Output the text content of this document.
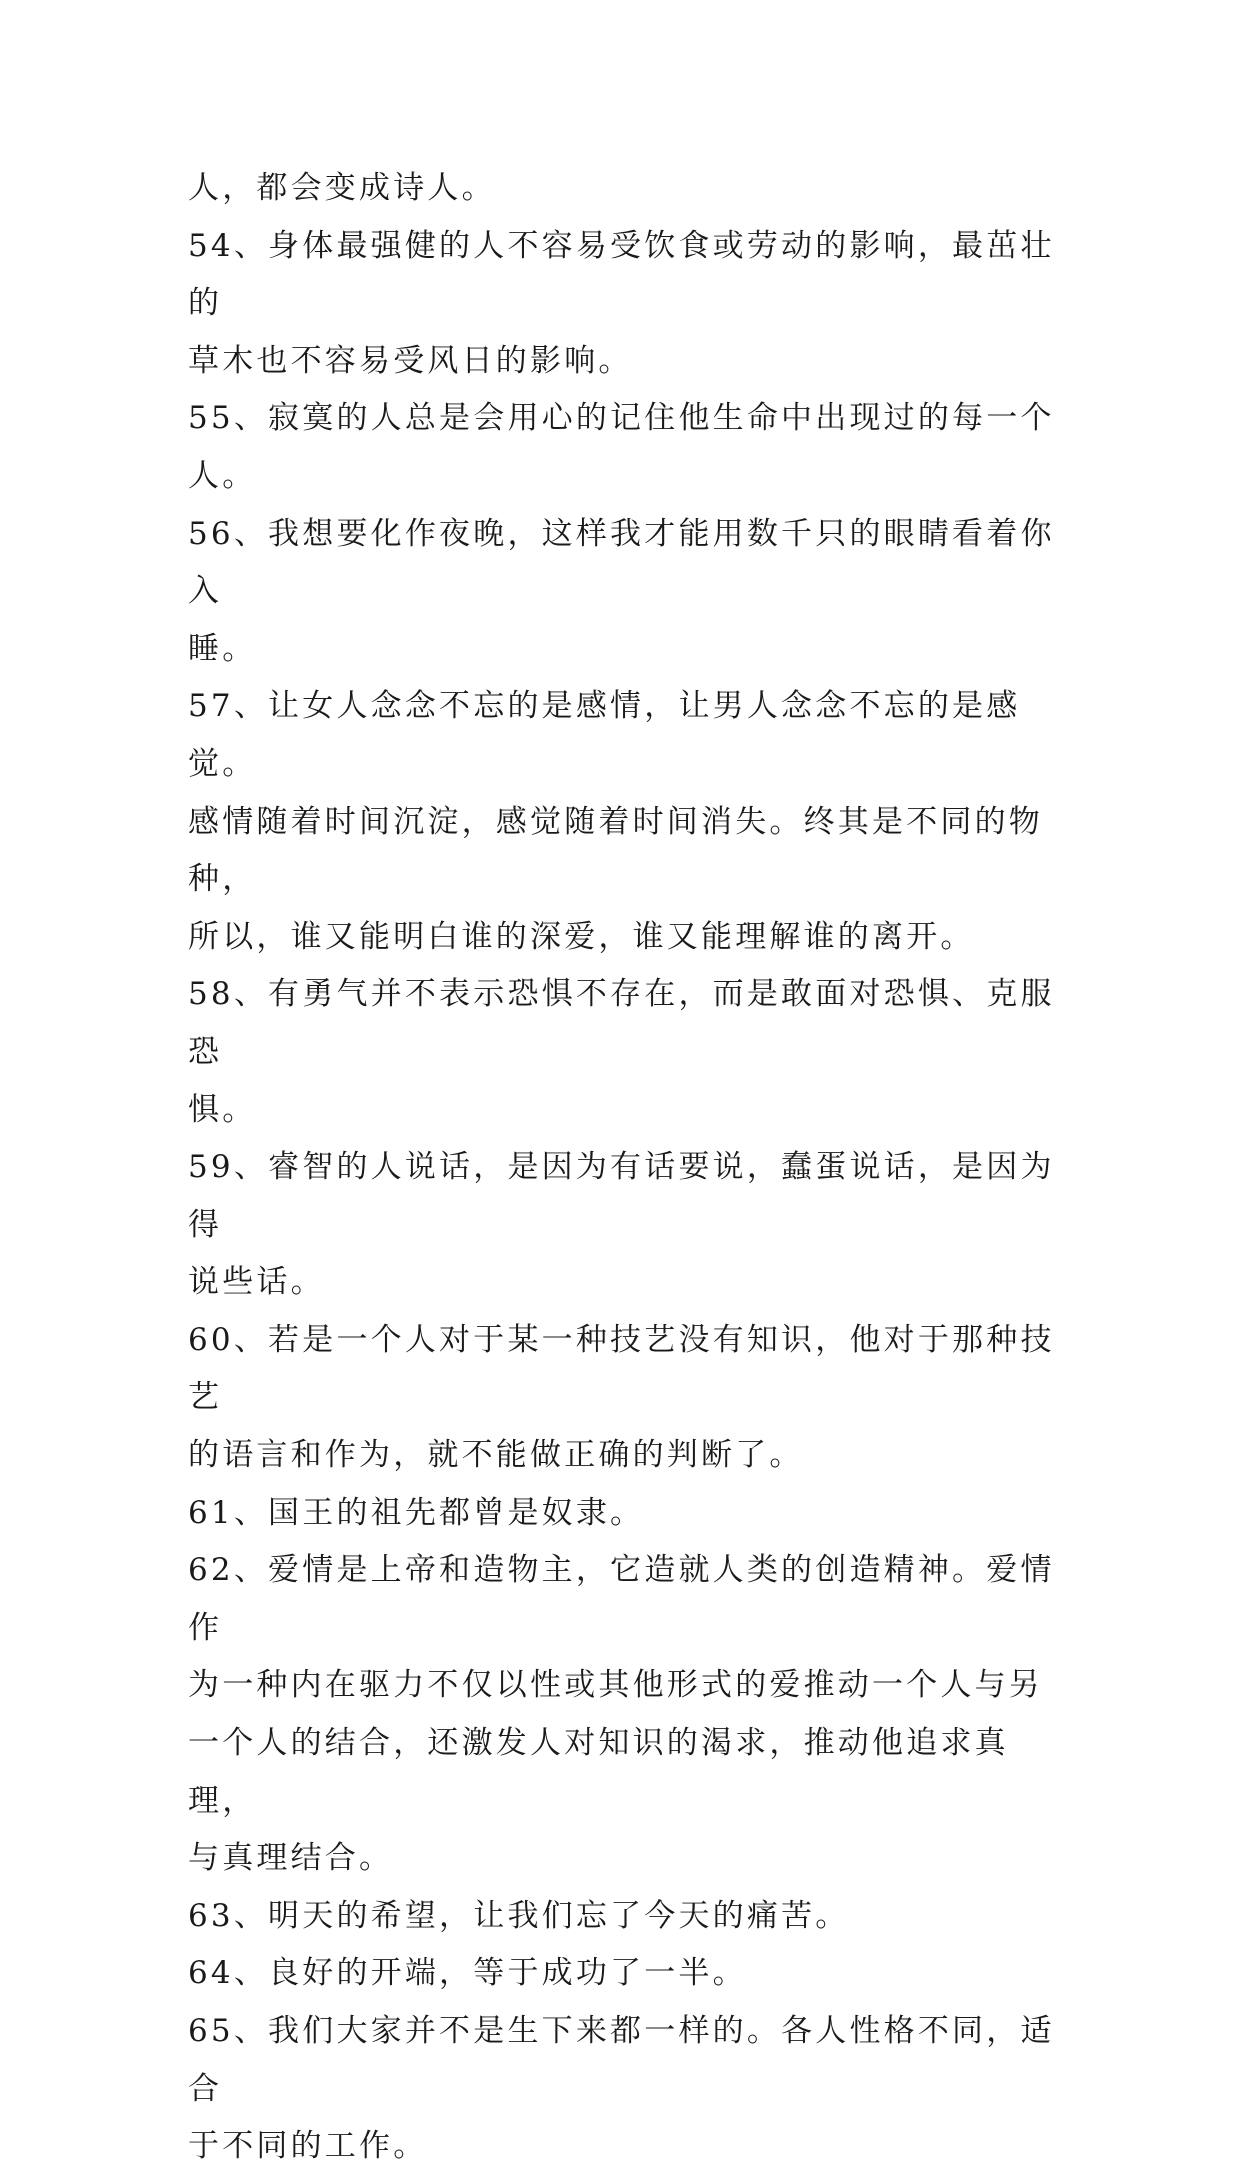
人，都会变成诗人。

54、身体最强健的人不容易受饮食或劳动的影响，最茁壮的
草木也不容易受风日的影响。

55、寂寞的人总是会用心的记住他生命中出现过的每一个人。

56、我想要化作夜晚，这样我才能用数千只的眼睛看着你入
睡。

57、让女人念念不忘的是感情，让男人念念不忘的是感觉。
感情随着时间沉淀，感觉随着时间消失。终其是不同的物种，
所以，谁又能明白谁的深爱，谁又能理解谁的离开。

58、有勇气并不表示恐惧不存在，而是敢面对恐惧、克服恐
惧。

59、睿智的人说话，是因为有话要说，蠢蛋说话，是因为得
说些话。

60、若是一个人对于某一种技艺没有知识，他对于那种技艺
的语言和作为，就不能做正确的判断了。

61、国王的祖先都曾是奴隶。

62、爱情是上帝和造物主，它造就人类的创造精神。爱情作
为一种内在驱力不仅以性或其他形式的爱推动一个人与另
一个人的结合，还激发人对知识的渴求，推动他追求真理，
与真理结合。

63、明天的希望，让我们忘了今天的痛苦。

64、良好的开端，等于成功了一半。

65、我们大家并不是生下来都一样的。各人性格不同，适合
于不同的工作。
